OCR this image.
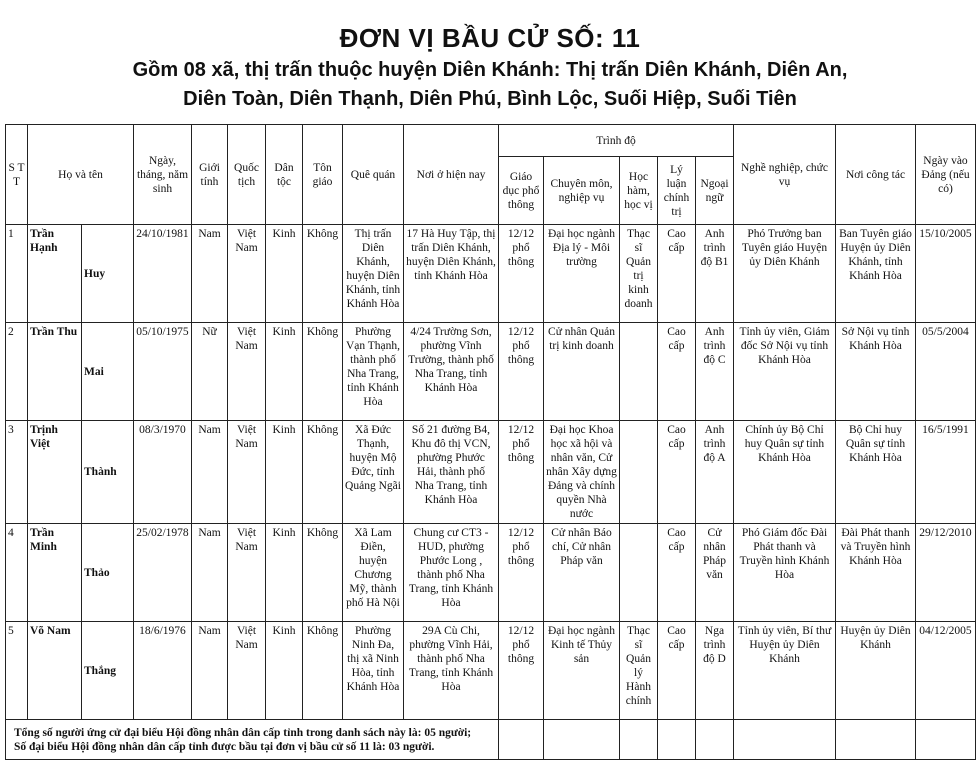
ĐƠN VỊ BẦU CỬ SỐ: 11
Gồm 08 xã, thị trấn thuộc huyện Diên Khánh: Thị trấn Diên Khánh, Diên An,
Diên Toàn, Diên Thạnh, Diên Phú, Bình Lộc, Suối Hiệp, Suối Tiên
S T T	Họ và tên		Ngày, tháng, năm sinh	Giới tính	Quốc tịch	Dân tộc	Tôn giáo	Quê quán	Nơi ở hiện nay	Trình độ					Nghề nghiệp, chức vụ	Nơi công tác	Ngày vào Đảng (nếu có)
										Giáo dục phổ thông	Chuyên môn, nghiệp vụ	Học hàm, học vị	Lý luận chính trị	Ngoại ngữ			
1	Trần Hạnh	Huy	24/10/1981	Nam	Việt Nam	Kinh	Không	Thị trấn Diên Khánh, huyện Diên Khánh, tỉnh Khánh Hòa	17 Hà Huy Tập, thị trấn Diên Khánh, huyện Diên Khánh, tỉnh Khánh Hòa	12/12 phổ thông	Đại học ngành Địa lý - Môi trường	Thạc sĩ Quản trị kinh doanh	Cao cấp	Anh trình độ B1	Phó Trưởng ban Tuyên giáo Huyện ủy Diên Khánh	Ban Tuyên giáo Huyện ủy Diên Khánh, tỉnh Khánh Hòa	15/10/2005
2	Trần Thu	Mai	05/10/1975	Nữ	Việt Nam	Kinh	Không	Phường Vạn Thạnh, thành phố Nha Trang, tỉnh Khánh Hòa	4/24 Trường Sơn, phường Vĩnh Trường, thành phố Nha Trang, tỉnh Khánh Hòa	12/12 phổ thông	Cử nhân Quản trị kinh doanh		Cao cấp	Anh trình độ C	Tỉnh ủy viên, Giám đốc Sở Nội vụ tỉnh Khánh Hòa	Sở Nội vụ tỉnh Khánh Hòa	05/5/2004
3	Trịnh Việt	Thành	08/3/1970	Nam	Việt Nam	Kinh	Không	Xã Đức Thạnh, huyện Mộ Đức, tỉnh Quảng Ngãi	Số 21 đường B4, Khu đô thị VCN, phường Phước Hải, thành phố Nha Trang, tỉnh Khánh Hòa	12/12 phổ thông	Đại học Khoa học xã hội và nhân văn, Cử nhân Xây dựng Đảng và chính quyền Nhà nước		Cao cấp	Anh trình độ A	Chính ủy Bộ Chỉ huy Quân sự tỉnh Khánh Hòa	Bộ Chỉ huy Quân sự tỉnh Khánh Hòa	16/5/1991
4	Trần Minh	Thảo	25/02/1978	Nam	Việt Nam	Kinh	Không	Xã Lam Điền, huyện Chương Mỹ, thành phố Hà Nội	Chung cư CT3 - HUD, phường Phước Long , thành phố Nha Trang, tỉnh Khánh Hòa	12/12 phổ thông	Cử nhân Báo chí, Cử nhân Pháp văn		Cao cấp	Cử nhân Pháp văn	Phó Giám đốc Đài Phát thanh và Truyền hình Khánh Hòa	Đài Phát thanh và Truyền hình Khánh Hòa	29/12/2010
5	Võ Nam	Thắng	18/6/1976	Nam	Việt Nam	Kinh	Không	Phường Ninh Đa, thị xã Ninh Hòa, tỉnh Khánh Hòa	29A Cù Chi, phường Vĩnh Hải, thành phố Nha Trang, tỉnh Khánh Hòa	12/12 phổ thông	Đại học ngành Kinh tế Thủy sản	Thạc sĩ Quản lý Hành chính	Cao cấp	Nga trình độ D	Tỉnh ủy viên, Bí thư Huyện ủy Diên Khánh	Huyện ủy Diên Khánh	04/12/2005

Tổng số người ứng cử đại biểu Hội đồng nhân dân cấp tỉnh trong danh sách này là: 05 người;
Số đại biểu Hội đồng nhân dân cấp tỉnh được bầu tại đơn vị bầu cử số 11 là: 03 người.																	
